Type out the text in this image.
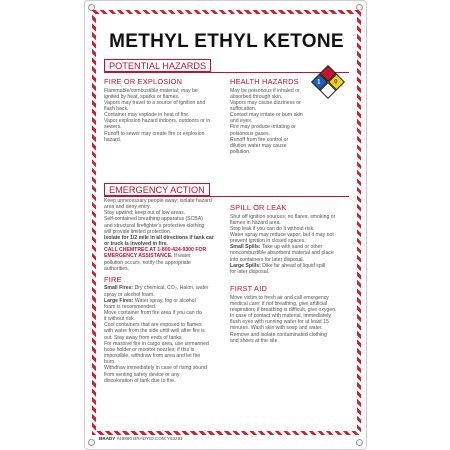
METHYL ETHYL KETONE
POTENTIAL HAZARDS
FIRE OR EXPLOSION
Flammable/combustible material; may be
ignited by heat, sparks or flames.
Vapors may travel to a source of ignition and
flash back.
Container may explode in heat of fire.
Vapor explosion hazard indoors, outdoors or in
sewers.
Runoff to sewer may create fire or explosion
hazard.
HEALTH HAZARDS
May be poisonous if inhaled or
absorbed through skin.
Vapors may cause dizziness or
suffocation.
Contact may irritate or burn skin
and eyes.
Fire may produce irritating or
poisonous gases.
Runoff from fire control or
dilution water may cause
pollution.
3
0
1
EMERGENCY ACTION
Keep unnecessary people away; isolate hazard
area and deny entry.
Stay upwind; keep out of low areas.
Self-contained breathing apparatus (SCBA)
and structural firefighter's protective clothing
will provide limited protection.
Isolate for 1/2 mile in all directions if tank car
or truck is involved in fire.
CALL CHEMTREC AT 1-800-424-9300 FOR
EMERGENCY ASSISTANCE. If water
pollution occurs, notify the appropriate
authorities.
FIRE
Small Fires: Dry chemical, CO₂, Halon, water
spray or alcohol foam.
Large Fires: Water spray, fog or alcohol
foam is recommended.
Move container from fire area if you can do
it without risk.
Cool containers that are exposed to flames
with water from the side until well after fire is
out. Stay away from ends of tanks.
For massive fire in cargo area, use unmanned
hose holder or monitor nozzles; if this is
impossible, withdraw from area and let fire
burn.
Withdraw immediately in case of rising sound
from venting safety device or any
discoloration of tank due to fire.
SPILL OR LEAK
Shut off ignition sources; no flares, smoking or
flames in hazard area.
Stop leak if you can do it without risk.
Water spray may reduce vapor; but it may not
prevent ignition in closed spaces.
Small Spills: Take up with sand or other
noncombustible absorbent material and place
into containers for later disposal.
Large Spills: Dike far ahead of liquid spill
for later disposal.
FIRST AID
Move victim to fresh air and call emergency
medical care; if not breathing, give artificial
respiration; if breathing is difficult, give oxygen.
In case of contact with material, immediately
flush eyes with running water for at least 15
minutes. Wash skin with soap and water.
Remove and isolate contaminated clothing
and shoes at the site.
BRADY #48880 BRADYID.COM Y63291
